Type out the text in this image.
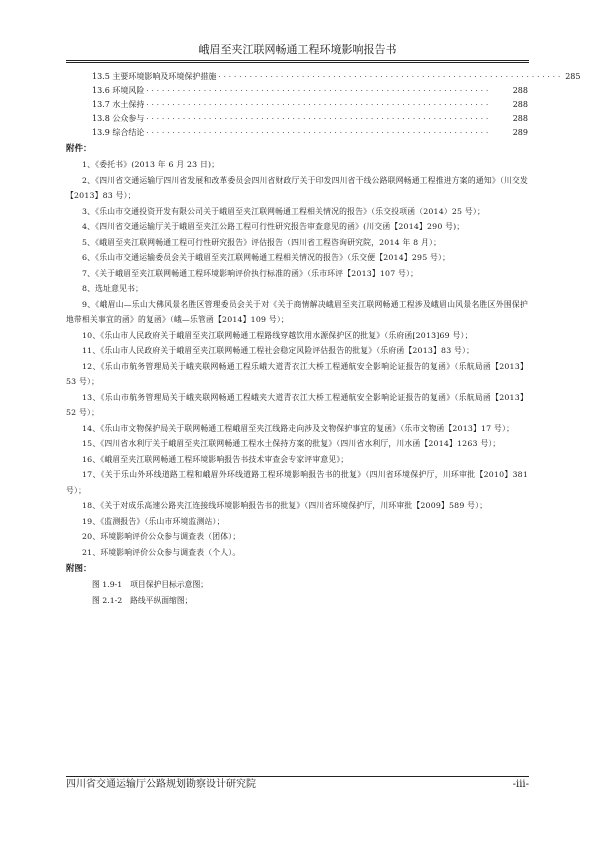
峨眉至夹江联网畅通工程环境影响报告书
13.5 主要环境影响及环境保护措施 ·································································· 285
13.6 环境风险 ··································································	288
13.7 水土保持 ··································································	288
13.8 公众参与 ··································································	288
13.9 综合结论 ··································································	289
附件：

1、《委托书》(2013 年 6 月 23 日)；

2、《四川省交通运输厅四川省发展和改革委员会四川省财政厅关于印发四川省干线公路联网畅通工程推进方案的通知》（川交发【2013】83 号）；

3、《乐山市交通投资开发有限公司关于峨眉至夹江联网畅通工程相关情况的报告》（乐交投项函（2014）25 号）；

4、《四川省交通运输厅关于峨眉至夹江公路工程可行性研究报告审查意见的函》(川交函【2014】290 号)；

5、《峨眉至夹江联网畅通工程可行性研究报告》评估报告（四川省工程咨询研究院，2014 年 8 月）；

6、《乐山市交通运输委员会关于峨眉至夹江联网畅通工程相关情况的报告》（乐交便【2014】295 号）；

7、《关于峨眉至夹江联网畅通工程环境影响评价执行标准的函》（乐市环评【2013】107 号）；

8、选址意见书；

9、《峨眉山—乐山大佛风景名胜区管理委员会关于对《关于商情解决峨眉至夹江联网畅通工程涉及峨眉山风景名胜区外围保护地带相关事宜的函》的复函》（峨—乐管函【2014】109 号）；

10、《乐山市人民政府关于峨眉至夹江联网畅通工程路线穿越饮用水源保护区的批复》（乐府函[2013]69 号）；

11、《乐山市人民政府关于峨眉至夹江联网畅通工程社会稳定风险评估报告的批复》（乐府函【2013】83 号）；

12、《乐山市航务管理局关于峨夹联网畅通工程乐峨大道青衣江大桥工程通航安全影响论证报告的复函》（乐航局函【2013】53 号）；

13、《乐山市航务管理局关于峨夹联网畅通工程峨夹大道青衣江大桥工程通航安全影响论证报告的复函》（乐航局函【2013】52 号）；

14、《乐山市文物保护局关于联网畅通工程峨眉至夹江线路走向涉及文物保护事宜的复函》（乐市文物函【2013】17 号）；

15、《四川省水利厅关于峨眉至夹江联网畅通工程水土保持方案的批复》（四川省水利厅，川水函【2014】1263 号）；

16、《峨眉至夹江联网畅通工程环境影响报告书技术审查会专家评审意见》；

17、《关于乐山外环线道路工程和峨眉外环线道路工程环境影响报告书的批复》（四川省环境保护厅，川环审批【2010】381 号）；

18、《关于对成乐高速公路夹江连接线环境影响报告书的批复》（四川省环境保护厅，川环审批【2009】589 号）；

19、《监测报告》（乐山市环境监测站）；

20、环境影响评价公众参与调查表（团体）；

21、环境影响评价公众参与调查表（个人）。

附图：
图 1.9-1　项目保护目标示意图；
图 2.1-2　路线平纵面缩图；
四川省交通运输厅公路规划勘察设计研究院	-iii-
